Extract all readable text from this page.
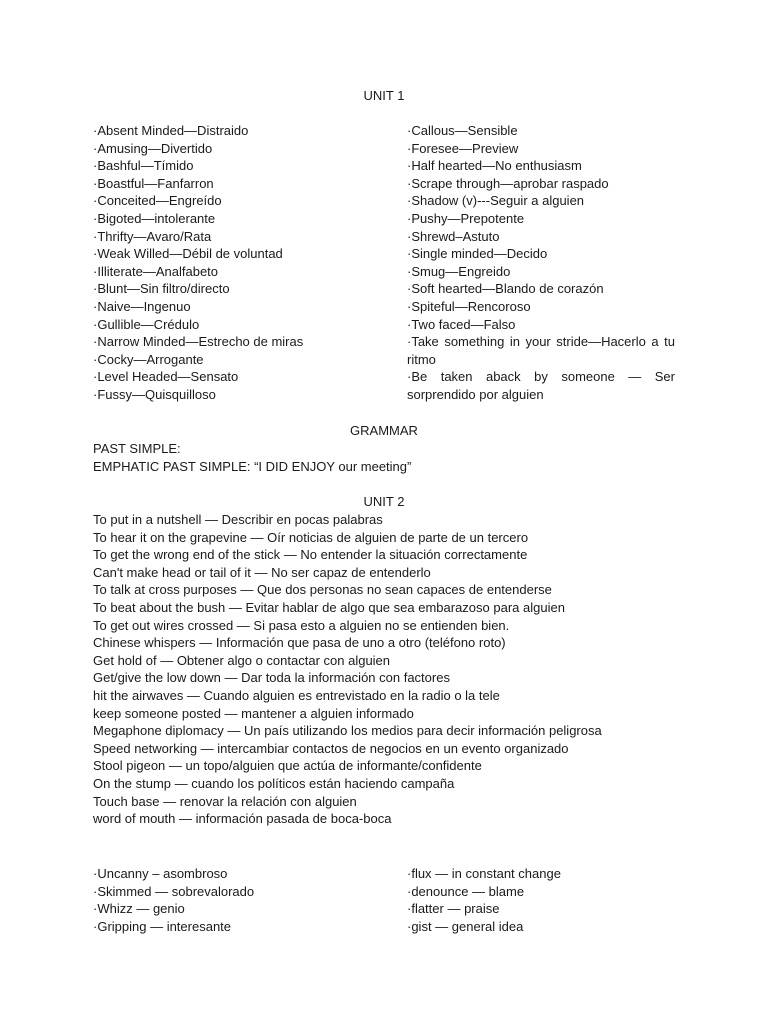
UNIT 1
·Absent Minded—Distraido
·Amusing—Divertido
·Bashful—Tímido
·Boastful—Fanfarron
·Conceited—Engreído
·Bigoted—intolerante
·Thrifty—Avaro/Rata
·Weak Willed—Débil de voluntad
·Illiterate—Analfabeto
·Blunt—Sin filtro/directo
·Naive—Ingenuo
·Gullible—Crédulo
·Narrow Minded—Estrecho de miras
·Cocky—Arrogante
·Level Headed—Sensato
·Fussy—Quisquilloso
·Callous—Sensible
·Foresee—Preview
·Half hearted—No enthusiasm
·Scrape through—aprobar raspado
·Shadow (v)---Seguir a alguien
·Pushy—Prepotente
·Shrewd–Astuto
·Single minded—Decido
·Smug—Engreido
·Soft hearted—Blando de corazón
·Spiteful—Rencoroso
·Two faced—Falso
·Take something in your stride—Hacerlo a tu ritmo
·Be taken aback by someone — Ser sorprendido por alguien
GRAMMAR
PAST SIMPLE:
EMPHATIC PAST SIMPLE: “I DID ENJOY our meeting”
UNIT 2
To put in a nutshell — Describir en pocas palabras
To hear it on the grapevine — Oír noticias de alguien de parte de un tercero
To get the wrong end of the stick — No entender la situación correctamente
Can't make head or tail of it — No ser capaz de entenderlo
To talk at cross purposes — Que dos personas no sean capaces de entenderse
To beat about the bush — Evitar hablar de algo que sea embarazoso para alguien
To get out wires crossed — Si pasa esto a alguien no se entienden bien.
Chinese whispers — Información que pasa de uno a otro (teléfono roto)
Get hold of — Obtener algo o contactar con alguien
Get/give the low down — Dar toda la información con factores
hit the airwaves — Cuando alguien es entrevistado en la radio o la tele
keep someone posted — mantener a alguien informado
Megaphone diplomacy — Un país utilizando los medios para decir información peligrosa
Speed networking — intercambiar contactos de negocios en un evento organizado
Stool pigeon — un topo/alguien que actúa de informante/confidente
On the stump — cuando los políticos están haciendo campaña
Touch base — renovar la relación con alguien
word of mouth — información pasada de boca-boca
·Uncanny – asombroso
·Skimmed — sobrevalorado
·Whizz — genio
·Gripping — interesante
·flux — in constant change
·denounce — blame
·flatter — praise
·gist — general idea
